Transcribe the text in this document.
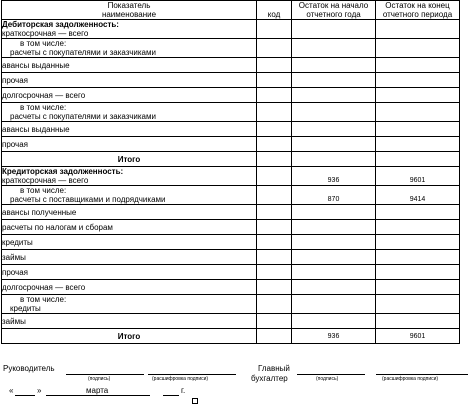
Показатель
наименование	код	Остаток на начало отчетного года	Остаток на конец отчетного периода

Дебиторская задолженность:
краткосрочная — всего			

в том числе:
расчеты с покупателями и заказчиками			

авансы выданные			
прочая			
долгосрочная — всего			

в том числе:
расчеты с покупателями и заказчиками			

авансы выданные			
прочая			
Итого			

Кредиторская задолженность:
краткосрочная — всего		936	9601

в том числе:
расчеты с поставщиками и подрядчиками		870	9414
авансы полученные			
расчеты по налогам и сборам			
кредиты			
займы			
прочая			
долгосрочная — всего			

в том числе:
кредиты			

займы			
Итого		936	9601
Руководитель
(подпись)	(расшифровка подписи)
Главный
бухгалтер	(подпись)	(расшифровка подписи)
«	»	марта	г.
